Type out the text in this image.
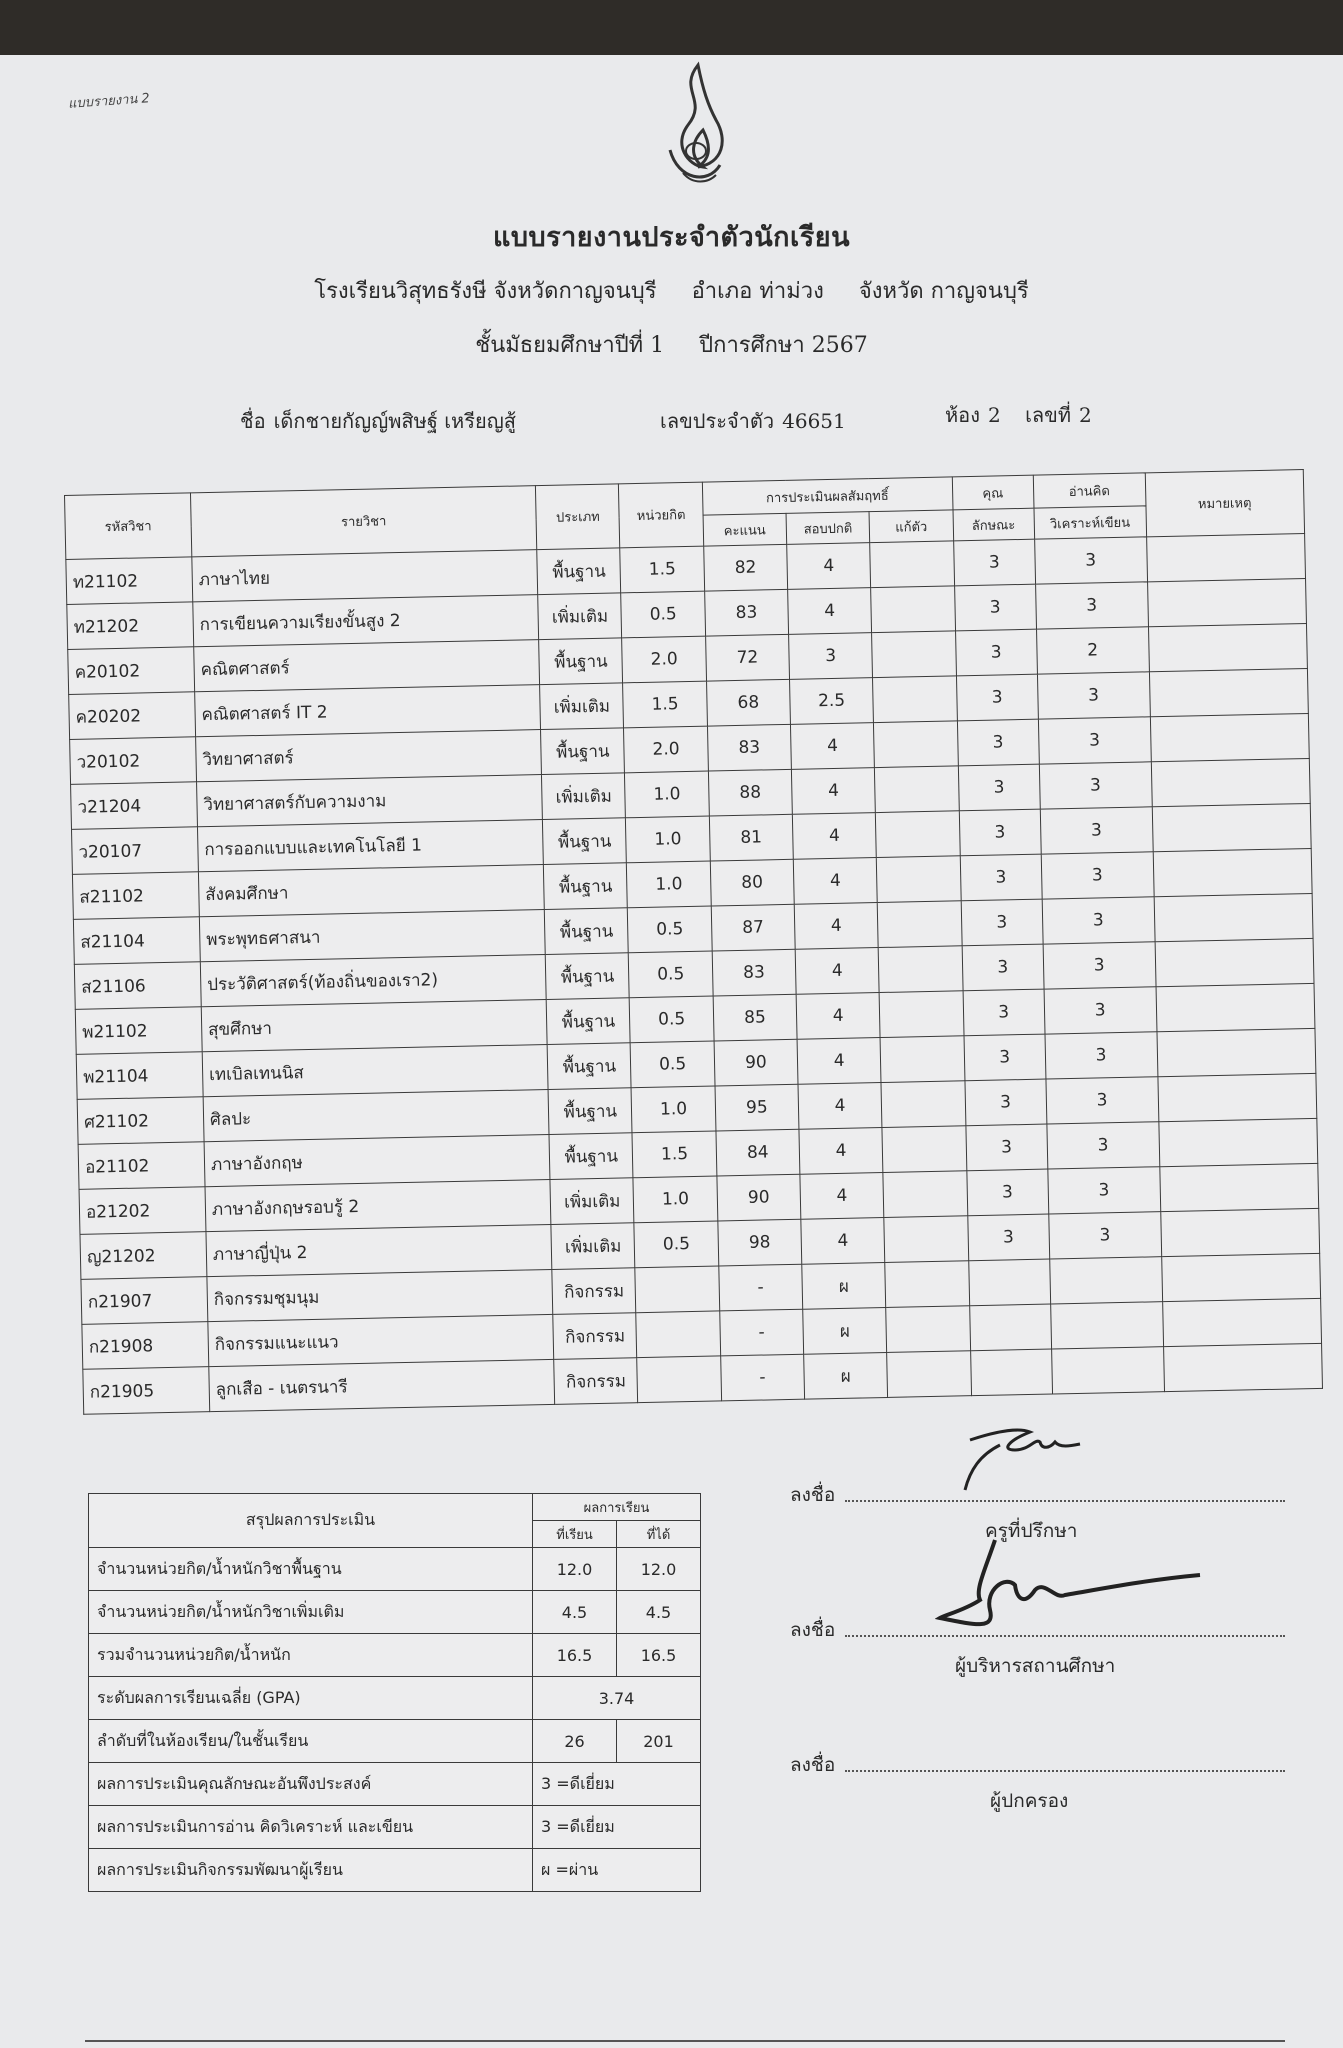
แบบรายงาน 2
แบบรายงานประจำตัวนักเรียน
โรงเรียนวิสุทธรังษี จังหวัดกาญจนบุรี อำเภอ ท่าม่วง จังหวัด กาญจนบุรี
ชั้นมัธยมศึกษาปีที่ 1 ปีการศึกษา 2567
ชื่อ เด็กชายกัญญ์พสิษฐ์ เหรียญสู้	เลขประจำตัว 46651	ห้อง 2 เลขที่ 2
รหัสวิชา	รายวิชา	ประเภท	หน่วยกิต	การประเมินผลสัมฤทธิ์			คุณ	อ่านคิด	หมายเหตุ
				คะแนน	สอบปกติ	แก้ตัว	ลักษณะ	วิเคราะห์เขียน	
ท21102	ภาษาไทย	พื้นฐาน	1.5	82	4		3	3	
ท21202	การเขียนความเรียงขั้นสูง 2	เพิ่มเติม	0.5	83	4		3	3	
ค20102	คณิตศาสตร์	พื้นฐาน	2.0	72	3		3	2	
ค20202	คณิตศาสตร์ IT 2	เพิ่มเติม	1.5	68	2.5		3	3	
ว20102	วิทยาศาสตร์	พื้นฐาน	2.0	83	4		3	3	
ว21204	วิทยาศาสตร์กับความงาม	เพิ่มเติม	1.0	88	4		3	3	
ว20107	การออกแบบและเทคโนโลยี 1	พื้นฐาน	1.0	81	4		3	3	
ส21102	สังคมศึกษา	พื้นฐาน	1.0	80	4		3	3	
ส21104	พระพุทธศาสนา	พื้นฐาน	0.5	87	4		3	3	
ส21106	ประวัติศาสตร์(ท้องถิ่นของเรา2)	พื้นฐาน	0.5	83	4		3	3	
พ21102	สุขศึกษา	พื้นฐาน	0.5	85	4		3	3	
พ21104	เทเบิลเทนนิส	พื้นฐาน	0.5	90	4		3	3	
ศ21102	ศิลปะ	พื้นฐาน	1.0	95	4		3	3	
อ21102	ภาษาอังกฤษ	พื้นฐาน	1.5	84	4		3	3	
อ21202	ภาษาอังกฤษรอบรู้ 2	เพิ่มเติม	1.0	90	4		3	3	
ญ21202	ภาษาญี่ปุ่น 2	เพิ่มเติม	0.5	98	4		3	3	
ก21907	กิจกรรมชุมนุม	กิจกรรม		-	ผ				
ก21908	กิจกรรมแนะแนว	กิจกรรม		-	ผ				
ก21905	ลูกเสือ - เนตรนารี	กิจกรรม		-	ผ				
สรุปผลการประเมิน	ผลการเรียน	
	ที่เรียน	ที่ได้
จำนวนหน่วยกิต/น้ำหนักวิชาพื้นฐาน	12.0	12.0
จำนวนหน่วยกิต/น้ำหนักวิชาเพิ่มเติม	4.5	4.5
รวมจำนวนหน่วยกิต/น้ำหนัก	16.5	16.5
ระดับผลการเรียนเฉลี่ย (GPA)	3.74	
ลำดับที่ในห้องเรียน/ในชั้นเรียน	26	201
ผลการประเมินคุณลักษณะอันพึงประสงค์	3 =ดีเยี่ยม	
ผลการประเมินการอ่าน คิดวิเคราะห์ และเขียน	3 =ดีเยี่ยม	
ผลการประเมินกิจกรรมพัฒนาผู้เรียน	ผ =ผ่าน	
ลงชื่อ
ครูที่ปรึกษา
ลงชื่อ
ผู้บริหารสถานศึกษา
ลงชื่อ
ผู้ปกครอง
